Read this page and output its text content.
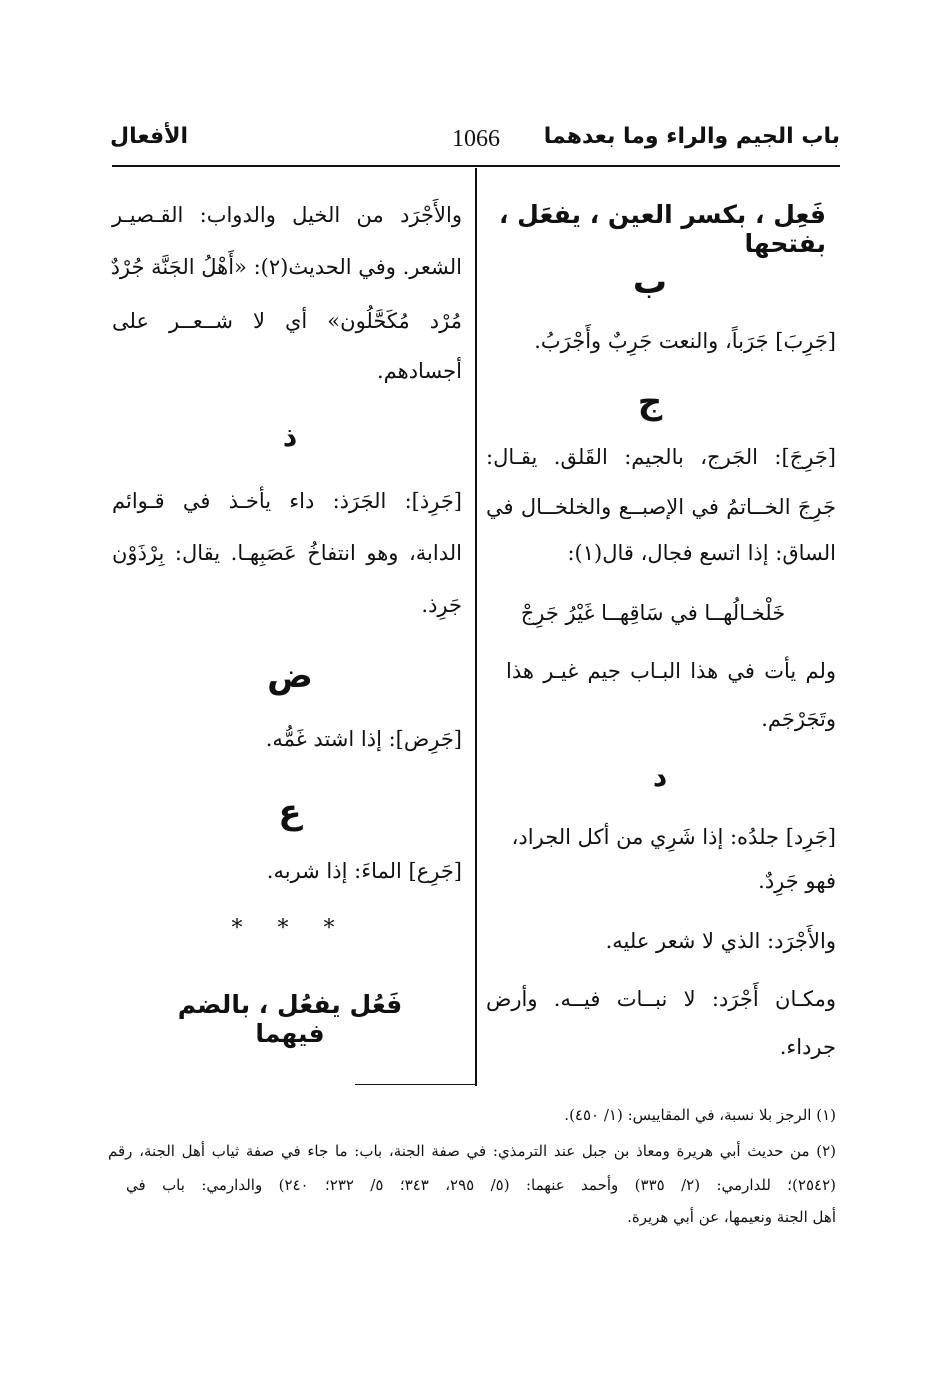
باب الجيم والراء وما بعدهما
1066
الأفعال
فَعِل ، بكسر العين ، يفعَل ، بفتحها
ب
[جَرِبَ] جَرَباً، والنعت جَرِبٌ وأَجْرَبُ.
ج
[جَرِجَ]: الجَرج، بالجيم: القَلق. يقـال:
جَرِجَ الخــاتمُ في الإصبــع والخلخــال في
الساق: إذا اتسع فجال، قال(١):
خَلْخـالُهــا في سَاقِهــا غَيْرُ جَرِجْ
ولم يأت في هذا البـاب جيم غيـر هذا
وتَجَرْجَم.
د
[جَرِد] جلدُه: إذا شَرِي من أكل الجراد،
فهو جَرِدٌ.
والأَجْرَد: الذي لا شعر عليه.
ومكـان أَجْرَد: لا نبــات فيــه. وأرض
جرداء.
والأَجْرَد من الخيل والدواب: القـصيـر
الشعر. وفي الحديث(٢): «أَهْلُ الجَنَّة جُرْدٌ
مُرْد مُكَحَّلُون» أي لا شــعــر على
أجسادهم.
ذ
[جَرِذ]: الجَرَذ: داء يأخـذ في قـوائم
الدابة، وهو انتفاخُ عَصَبِهـا. يقال: بِرْذَوْن
جَرِذ.
ض
[جَرِض]: إذا اشتد غَمُّه.
ع
[جَرِع] الماءَ: إذا شربه.
* * *
فَعُل يفعُل ، بالضم فيهما
(١) الرجز بلا نسبة، في المقاييس: (١/ ٤٥٠).
(٢) من حديث أبي هريرة ومعاذ بن جبل عند الترمذي: في صفة الجنة، باب: ما جاء في صفة ثياب أهل الجنة، رقم
(٢٥٤٢)؛ للدارمي: (٢/ ٣٣٥) وأحمد عنهما: (٥/ ٢٩٥، ٣٤٣؛ ٥/ ٢٣٢؛ ٢٤٠) والدارمي: باب في
أهل الجنة ونعيمها، عن أبي هريرة.
